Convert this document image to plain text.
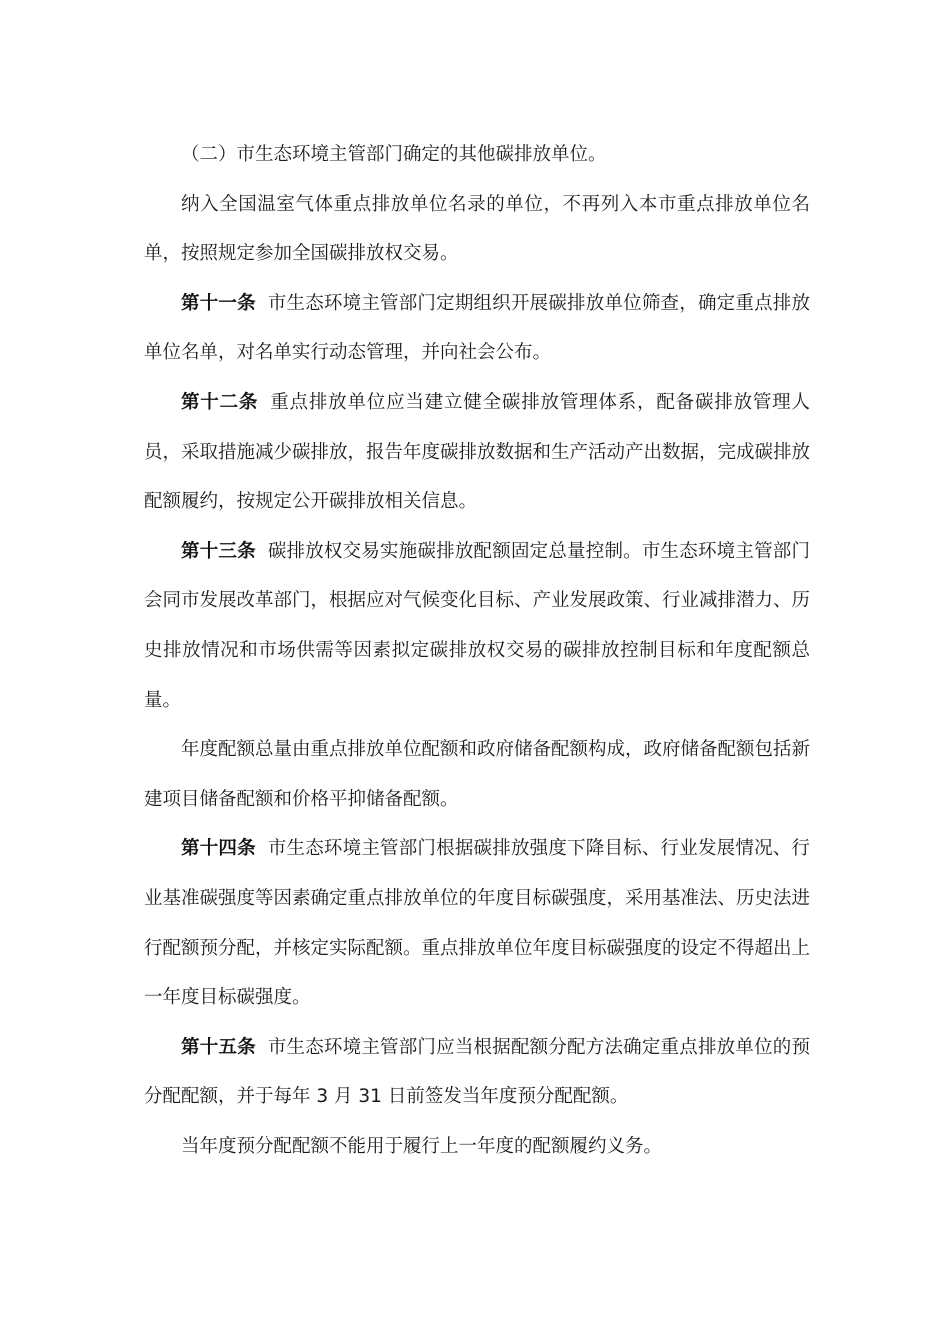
（二）市生态环境主管部门确定的其他碳排放单位。

纳入全国温室气体重点排放单位名录的单位，不再列入本市重点排放单位名单，按照规定参加全国碳排放权交易。

第十一条 市生态环境主管部门定期组织开展碳排放单位筛查，确定重点排放单位名单，对名单实行动态管理，并向社会公布。

第十二条 重点排放单位应当建立健全碳排放管理体系，配备碳排放管理人员，采取措施减少碳排放，报告年度碳排放数据和生产活动产出数据，完成碳排放配额履约，按规定公开碳排放相关信息。

第十三条 碳排放权交易实施碳排放配额固定总量控制。市生态环境主管部门会同市发展改革部门，根据应对气候变化目标、产业发展政策、行业减排潜力、历史排放情况和市场供需等因素拟定碳排放权交易的碳排放控制目标和年度配额总量。

年度配额总量由重点排放单位配额和政府储备配额构成，政府储备配额包括新建项目储备配额和价格平抑储备配额。

第十四条 市生态环境主管部门根据碳排放强度下降目标、行业发展情况、行业基准碳强度等因素确定重点排放单位的年度目标碳强度，采用基准法、历史法进行配额预分配，并核定实际配额。重点排放单位年度目标碳强度的设定不得超出上一年度目标碳强度。

第十五条 市生态环境主管部门应当根据配额分配方法确定重点排放单位的预分配配额，并于每年 3 月 31 日前签发当年度预分配配额。

当年度预分配配额不能用于履行上一年度的配额履约义务。
